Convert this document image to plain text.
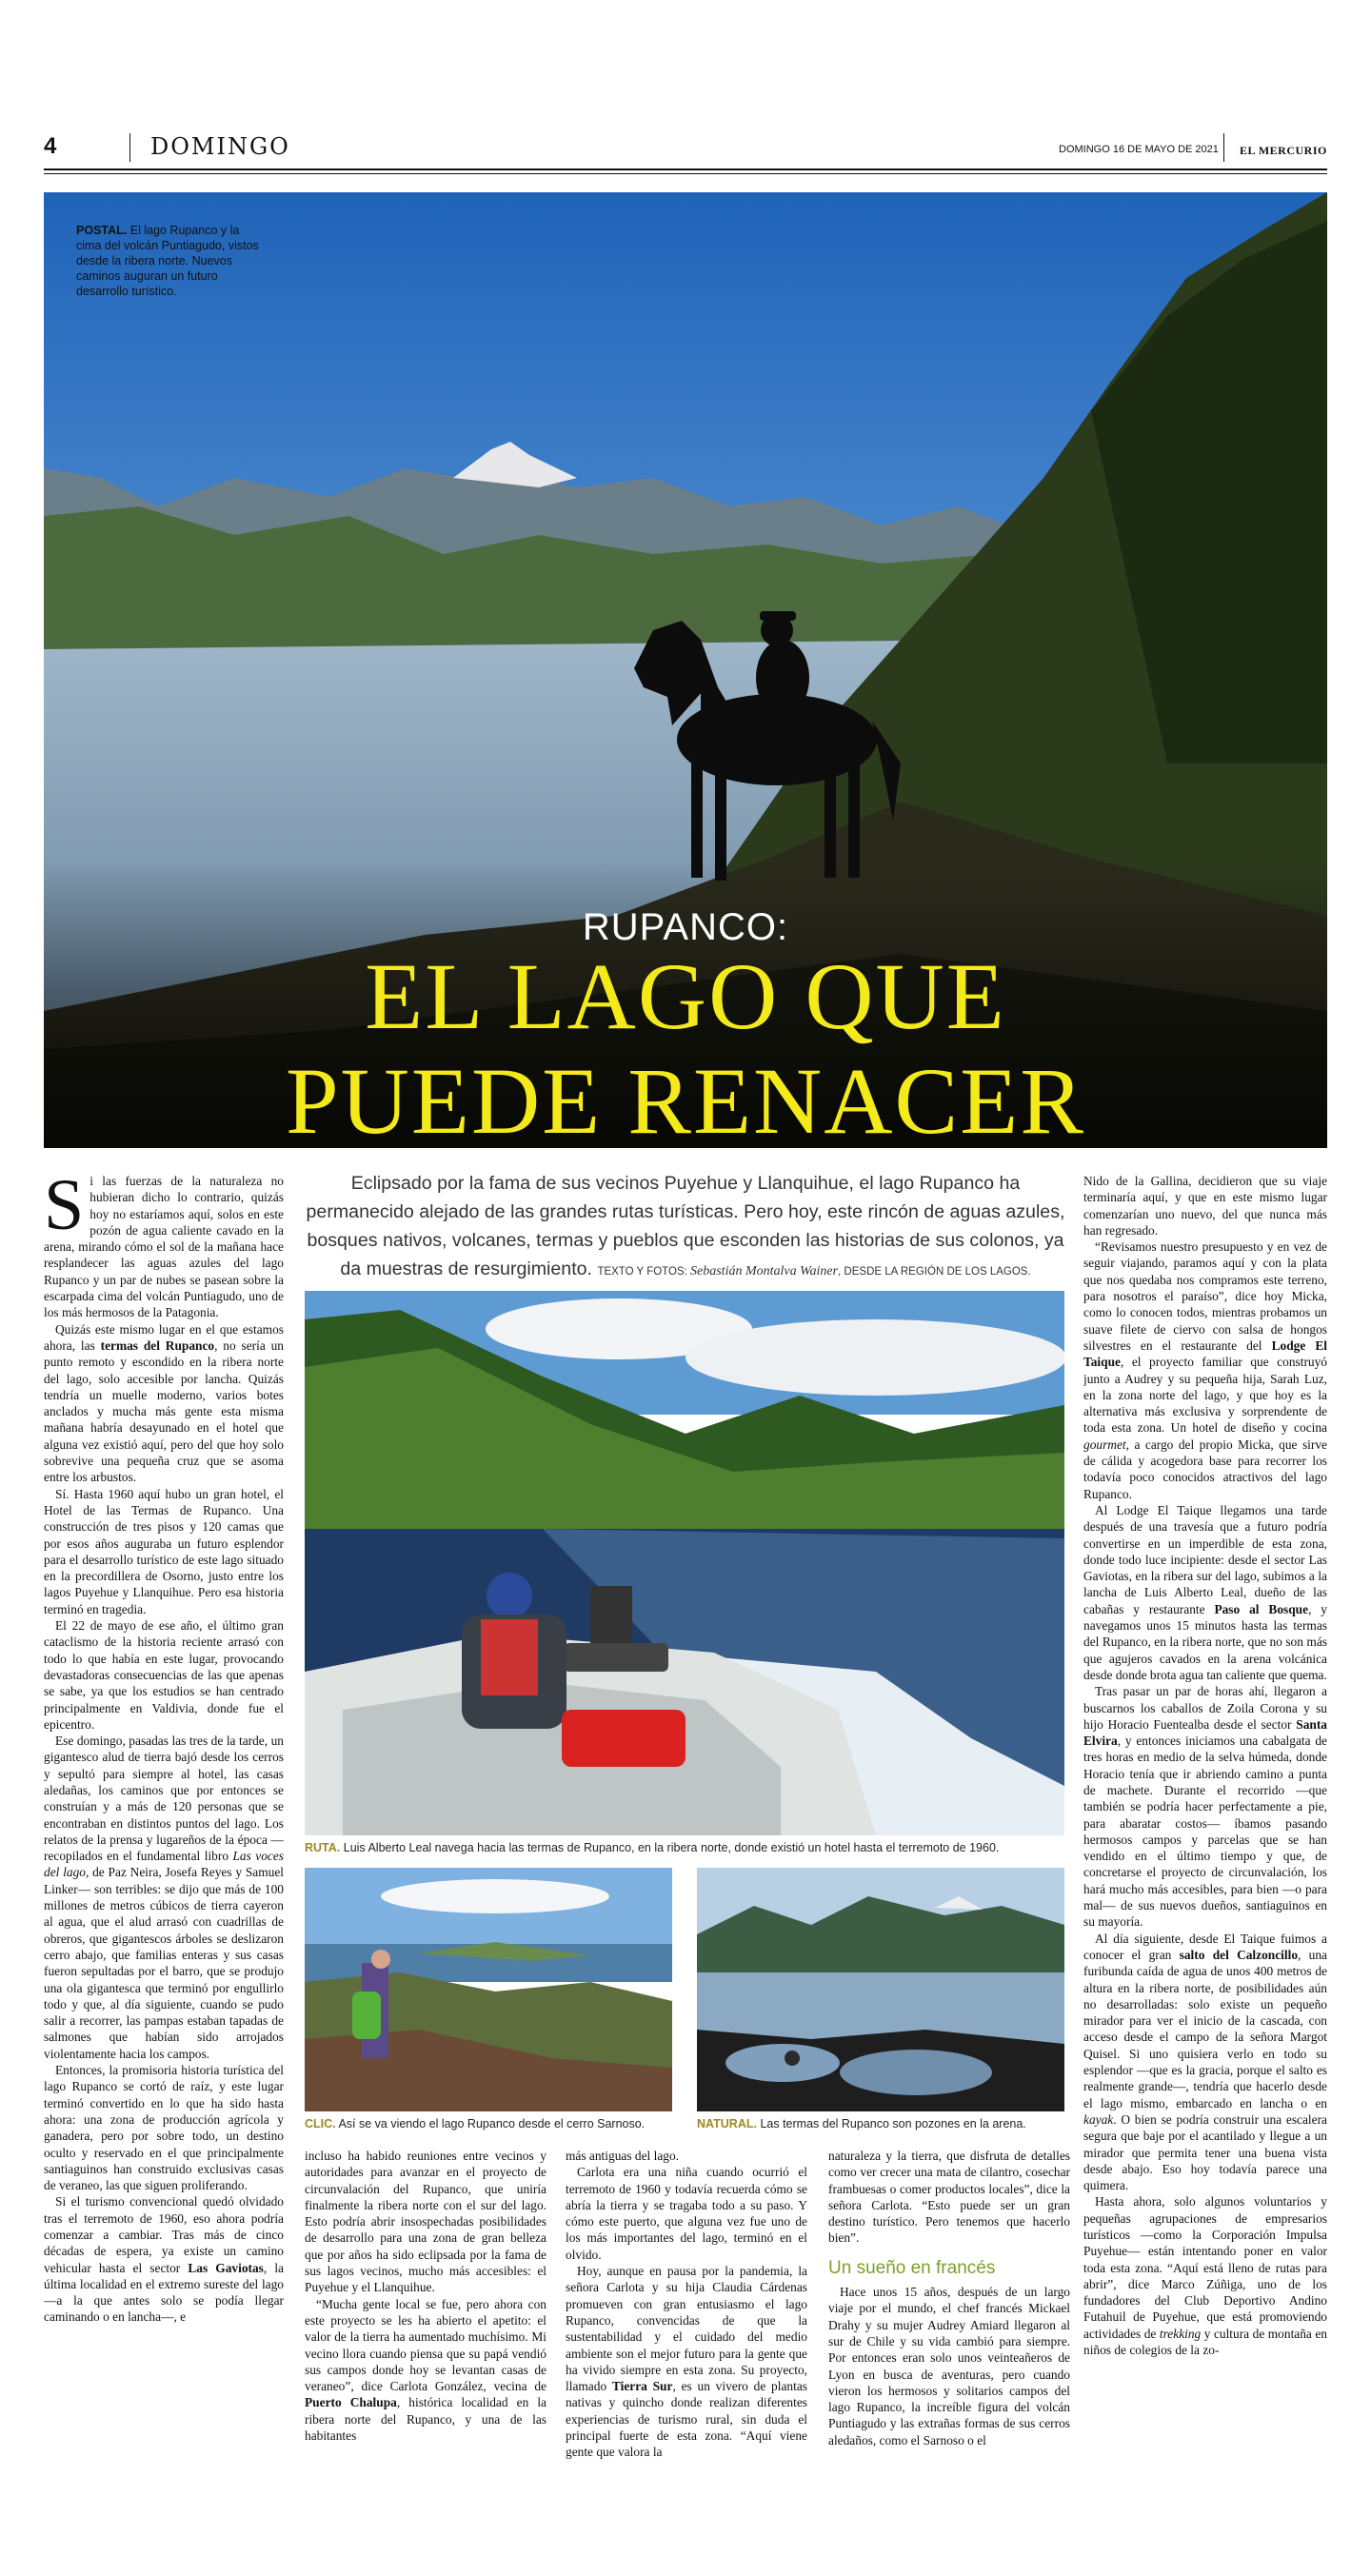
4	DOMINGO	DOMINGO 16 DE MAYO DE 2021 EL MERCURIO
POSTAL. El lago Rupanco y la cima del volcán Puntiagudo, vistos desde la ribera norte. Nuevos caminos auguran un futuro desarrollo turístico.
RUPANCO:
EL LAGO QUE
PUEDE RENACER

Si las fuerzas de la naturaleza no hubieran dicho lo contrario, quizás hoy no estaríamos aquí, solos en este pozón de agua caliente cavado en la arena, mirando cómo el sol de la mañana hace resplandecer las aguas azules del lago Rupanco y un par de nubes se pasean sobre la escarpada cima del volcán Puntiagudo, uno de los más hermosos de la Patagonia.

Quizás este mismo lugar en el que estamos ahora, las termas del Rupanco, no sería un punto remoto y escondido en la ribera norte del lago, solo accesible por lancha. Quizás tendría un muelle moderno, varios botes anclados y mucha más gente esta misma mañana habría desayunado en el hotel que alguna vez existió aquí, pero del que hoy solo sobrevive una pequeña cruz que se asoma entre los arbustos.

Sí. Hasta 1960 aquí hubo un gran hotel, el Hotel de las Termas de Rupanco. Una construcción de tres pisos y 120 camas que por esos años auguraba un futuro esplendor para el desarrollo turístico de este lago situado en la precordillera de Osorno, justo entre los lagos Puyehue y Llanquihue. Pero esa historia terminó en tragedia.

El 22 de mayo de ese año, el último gran cataclismo de la historia reciente arrasó con todo lo que había en este lugar, provocando devastadoras consecuencias de las que apenas se sabe, ya que los estudios se han centrado principalmente en Valdivia, donde fue el epicentro.

Ese domingo, pasadas las tres de la tarde, un gigantesco alud de tierra bajó desde los cerros y sepultó para siempre al hotel, las casas aledañas, los caminos que por entonces se construían y a más de 120 personas que se encontraban en distintos puntos del lago. Los relatos de la prensa y lugareños de la época —recopilados en el fundamental libro Las voces del lago, de Paz Neira, Josefa Reyes y Samuel Linker— son terribles: se dijo que más de 100 millones de metros cúbicos de tierra cayeron al agua, que el alud arrasó con cuadrillas de obreros, que gigantescos árboles se deslizaron cerro abajo, que familias enteras y sus casas fueron sepultadas por el barro, que se produjo una ola gigantesca que terminó por engullirlo todo y que, al día siguiente, cuando se pudo salir a recorrer, las pampas estaban tapadas de salmones que habían sido arrojados violentamente hacia los campos.

Entonces, la promisoria historia turística del lago Rupanco se cortó de raíz, y este lugar terminó convertido en lo que ha sido hasta ahora: una zona de producción agrícola y ganadera, pero por sobre todo, un destino oculto y reservado en el que principalmente santiaguinos han construido exclusivas casas de veraneo, las que siguen proliferando.

Si el turismo convencional quedó olvidado tras el terremoto de 1960, eso ahora podría comenzar a cambiar. Tras más de cinco décadas de espera, ya existe un camino vehicular hasta el sector Las Gaviotas, la última localidad en el extremo sureste del lago —a la que antes solo se podía llegar caminando o en lancha—, e

Eclipsado por la fama de sus vecinos Puyehue y Llanquihue, el lago Rupanco ha permanecido alejado de las grandes rutas turísticas. Pero hoy, este rincón de aguas azules, bosques nativos, volcanes, termas y pueblos que esconden las historias de sus colonos, ya da muestras de resurgimiento. TEXTO Y FOTOS: Sebastián Montalva Wainer, DESDE LA REGIÓN DE LOS LAGOS.
RUTA. Luis Alberto Leal navega hacia las termas de Rupanco, en la ribera norte, donde existió un hotel hasta el terremoto de 1960.
CLIC. Así se va viendo el lago Rupanco desde el cerro Sarnoso.	NATURAL. Las termas del Rupanco son pozones en la arena.

incluso ha habido reuniones entre vecinos y autoridades para avanzar en el proyecto de circunvalación del Rupanco, que uniría finalmente la ribera norte con el sur del lago. Esto podría abrir insospechadas posibilidades de desarrollo para una zona de gran belleza que por años ha sido eclipsada por la fama de sus lagos vecinos, mucho más accesibles: el Puyehue y el Llanquihue.

“Mucha gente local se fue, pero ahora con este proyecto se les ha abierto el apetito: el valor de la tierra ha aumentado muchísimo. Mi vecino llora cuando piensa que su papá vendió sus campos donde hoy se levantan casas de veraneo”, dice Carlota González, vecina de Puerto Chalupa, histórica localidad en la ribera norte del Rupanco, y una de las habitantes

más antiguas del lago.

Carlota era una niña cuando ocurrió el terremoto de 1960 y todavía recuerda cómo se abría la tierra y se tragaba todo a su paso. Y cómo este puerto, que alguna vez fue uno de los más importantes del lago, terminó en el olvido.

Hoy, aunque en pausa por la pandemia, la señora Carlota y su hija Claudia Cárdenas promueven con gran entusiasmo el lago Rupanco, convencidas de que la sustentabilidad y el cuidado del medio ambiente son el mejor futuro para la gente que ha vivido siempre en esta zona. Su proyecto, llamado Tierra Sur, es un vivero de plantas nativas y quincho donde realizan diferentes experiencias de turismo rural, sin duda el principal fuerte de esta zona. “Aquí viene gente que valora la

naturaleza y la tierra, que disfruta de detalles como ver crecer una mata de cilantro, cosechar frambuesas o comer productos locales”, dice la señora Carlota. “Esto puede ser un gran destino turístico. Pero tenemos que hacerlo bien”.

Un sueño en francés

Hace unos 15 años, después de un largo viaje por el mundo, el chef francés Mickael Drahy y su mujer Audrey Amiard llegaron al sur de Chile y su vida cambió para siempre. Por entonces eran solo unos veinteañeros de Lyon en busca de aventuras, pero cuando vieron los hermosos y solitarios campos del lago Rupanco, la increíble figura del volcán Puntiagudo y las extrañas formas de sus cerros aledaños, como el Sarnoso o el

Nido de la Gallina, decidieron que su viaje terminaría aquí, y que en este mismo lugar comenzarían uno nuevo, del que nunca más han regresado.

“Revisamos nuestro presupuesto y en vez de seguir viajando, paramos aquí y con la plata que nos quedaba nos compramos este terreno, para nosotros el paraíso”, dice hoy Micka, como lo conocen todos, mientras probamos un suave filete de ciervo con salsa de hongos silvestres en el restaurante del Lodge El Taique, el proyecto familiar que construyó junto a Audrey y su pequeña hija, Sarah Luz, en la zona norte del lago, y que hoy es la alternativa más exclusiva y sorprendente de toda esta zona. Un hotel de diseño y cocina gourmet, a cargo del propio Micka, que sirve de cálida y acogedora base para recorrer los todavía poco conocidos atractivos del lago Rupanco.

Al Lodge El Taique llegamos una tarde después de una travesía que a futuro podría convertirse en un imperdible de esta zona, donde todo luce incipiente: desde el sector Las Gaviotas, en la ribera sur del lago, subimos a la lancha de Luis Alberto Leal, dueño de las cabañas y restaurante Paso al Bosque, y navegamos unos 15 minutos hasta las termas del Rupanco, en la ribera norte, que no son más que agujeros cavados en la arena volcánica desde donde brota agua tan caliente que quema.

Tras pasar un par de horas ahí, llegaron a buscarnos los caballos de Zoila Corona y su hijo Horacio Fuentealba desde el sector Santa Elvira, y entonces iniciamos una cabalgata de tres horas en medio de la selva húmeda, donde Horacio tenía que ir abriendo camino a punta de machete. Durante el recorrido —que también se podría hacer perfectamente a pie, para abaratar costos— íbamos pasando hermosos campos y parcelas que se han vendido en el último tiempo y que, de concretarse el proyecto de circunvalación, los hará mucho más accesibles, para bien —o para mal— de sus nuevos dueños, santiaguinos en su mayoría.

Al día siguiente, desde El Taique fuimos a conocer el gran salto del Calzoncillo, una furibunda caída de agua de unos 400 metros de altura en la ribera norte, de posibilidades aún no desarrolladas: solo existe un pequeño mirador para ver el inicio de la cascada, con acceso desde el campo de la señora Margot Quisel. Si uno quisiera verlo en todo su esplendor —que es la gracia, porque el salto es realmente grande—, tendría que hacerlo desde el lago mismo, embarcado en lancha o en kayak. O bien se podría construir una escalera segura que baje por el acantilado y llegue a un mirador que permita tener una buena vista desde abajo. Eso hoy todavía parece una quimera.

Hasta ahora, solo algunos voluntarios y pequeñas agrupaciones de empresarios turísticos —como la Corporación Impulsa Puyehue— están intentando poner en valor toda esta zona. “Aquí está lleno de rutas para abrir”, dice Marco Zúñiga, uno de los fundadores del Club Deportivo Andino Futahuil de Puyehue, que está promoviendo actividades de trekking y cultura de montaña en niños de colegios de la zo-
